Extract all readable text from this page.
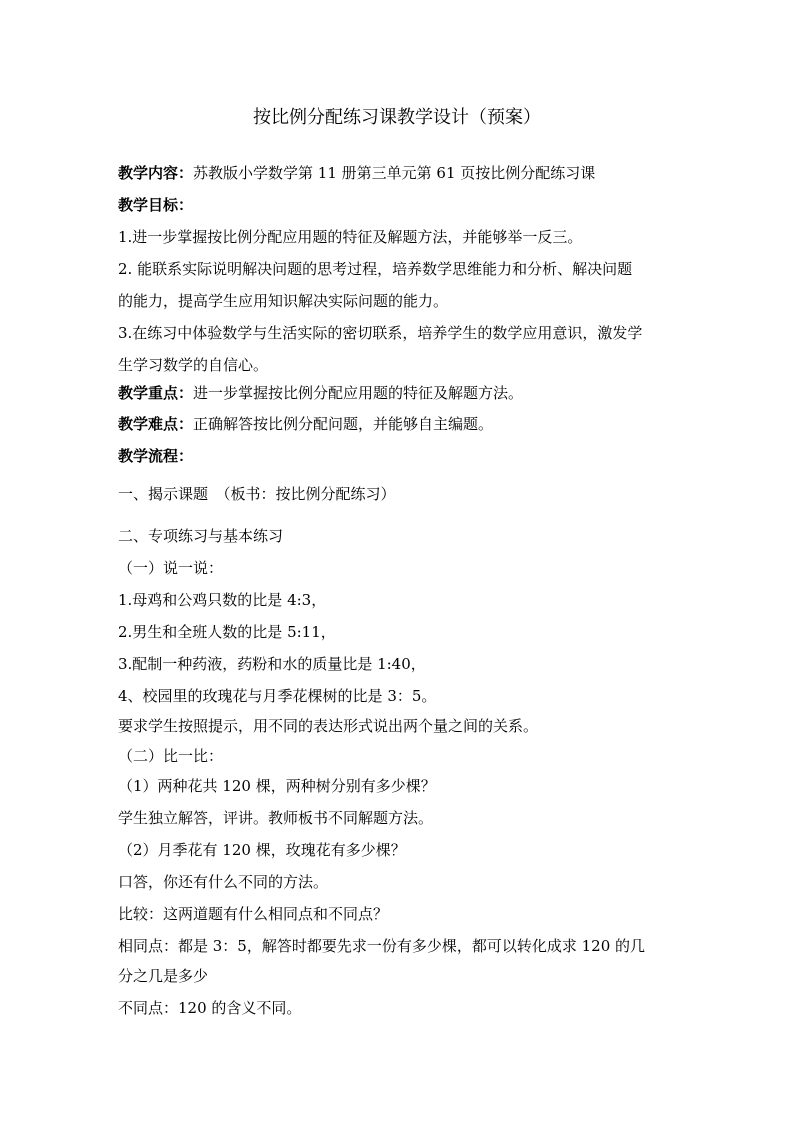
按比例分配练习课教学设计（预案）
教学内容：苏教版小学数学第 11 册第三单元第 61 页按比例分配练习课
教学目标：
1.进一步掌握按比例分配应用题的特征及解题方法，并能够举一反三。
2. 能联系实际说明解决问题的思考过程，培养数学思维能力和分析、解决问题
的能力，提高学生应用知识解决实际问题的能力。
3.在练习中体验数学与生活实际的密切联系，培养学生的数学应用意识，激发学
生学习数学的自信心。
教学重点：进一步掌握按比例分配应用题的特征及解题方法。
教学难点：正确解答按比例分配问题，并能够自主编题。
教学流程：
一、揭示课题　（板书：按比例分配练习）
二、专项练习与基本练习
（一）说一说：
1.母鸡和公鸡只数的比是 4:3，
2.男生和全班人数的比是 5:11，
3.配制一种药液，药粉和水的质量比是 1:40，
4、校园里的玫瑰花与月季花棵树的比是 3：5。
要求学生按照提示，用不同的表达形式说出两个量之间的关系。
（二）比一比：
（1）两种花共 120 棵，两种树分别有多少棵？
学生独立解答，评讲。教师板书不同解题方法。
（2）月季花有 120 棵，玫瑰花有多少棵？
口答，你还有什么不同的方法。
比较：这两道题有什么相同点和不同点？
相同点：都是 3：5，解答时都要先求一份有多少棵，都可以转化成求 120 的几
分之几是多少
不同点：120 的含义不同。
